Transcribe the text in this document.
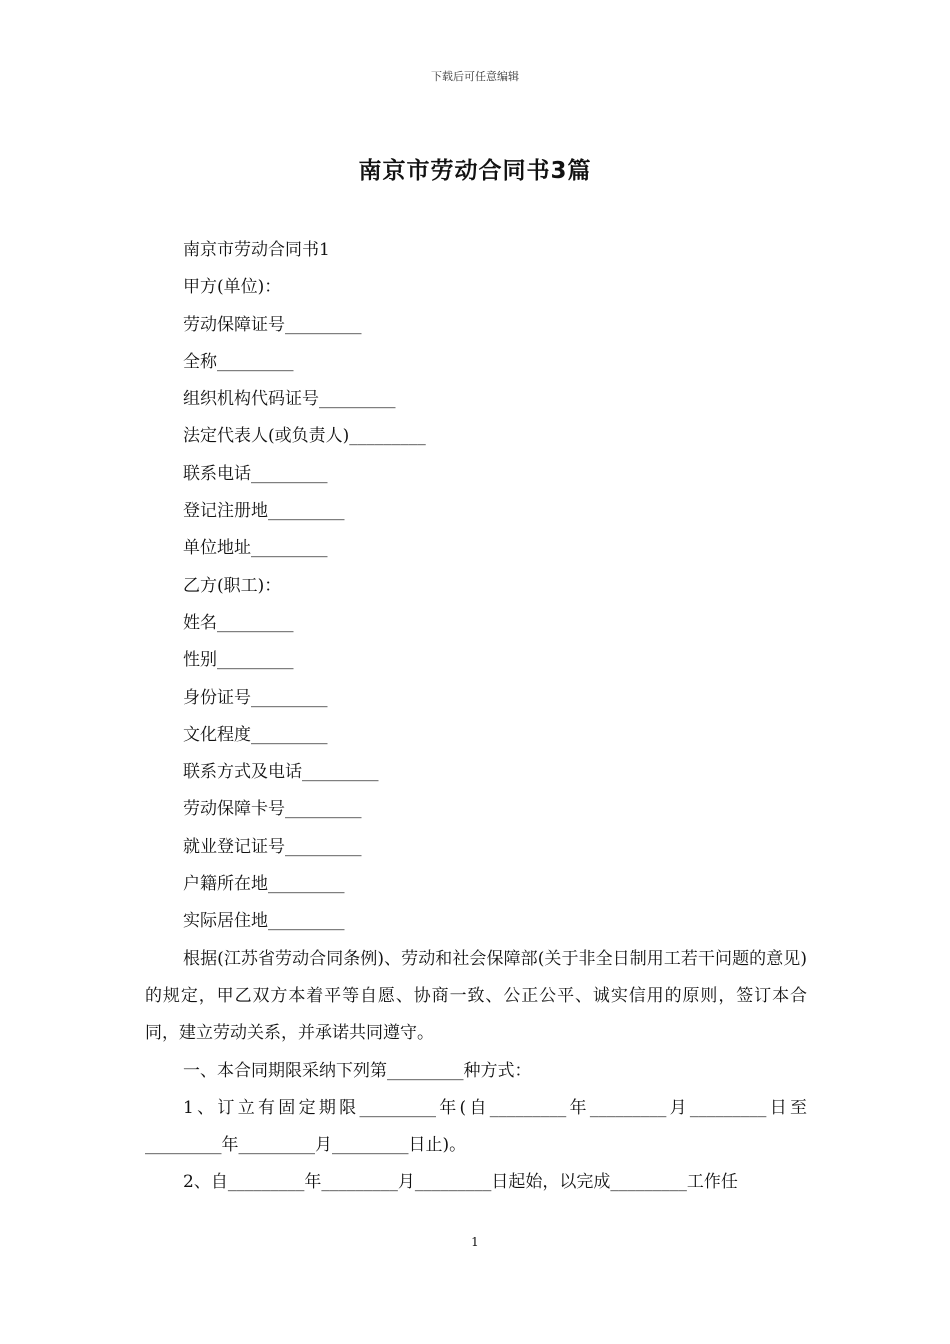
下载后可任意编辑
南京市劳动合同书3篇
南京市劳动合同书1
甲方(单位)：
劳动保障证号_________
全称_________
组织机构代码证号_________
法定代表人(或负责人)_________
联系电话_________
登记注册地_________
单位地址_________
乙方(职工)：
姓名_________
性别_________
身份证号_________
文化程度_________
联系方式及电话_________
劳动保障卡号_________
就业登记证号_________
户籍所在地_________
实际居住地_________
根据(江苏省劳动合同条例)、劳动和社会保障部(关于非全日制用工若干问题的意见)的规定，甲乙双方本着平等自愿、协商一致、公正公平、诚实信用的原则，签订本合同，建立劳动关系，并承诺共同遵守。
一、本合同期限采纳下列第_________种方式：
1、订立有固定期限_________年(自_________年_________月_________日至_________年_________月_________日止)。
2、自_________年_________月_________日起始，以完成_________工作任
1
